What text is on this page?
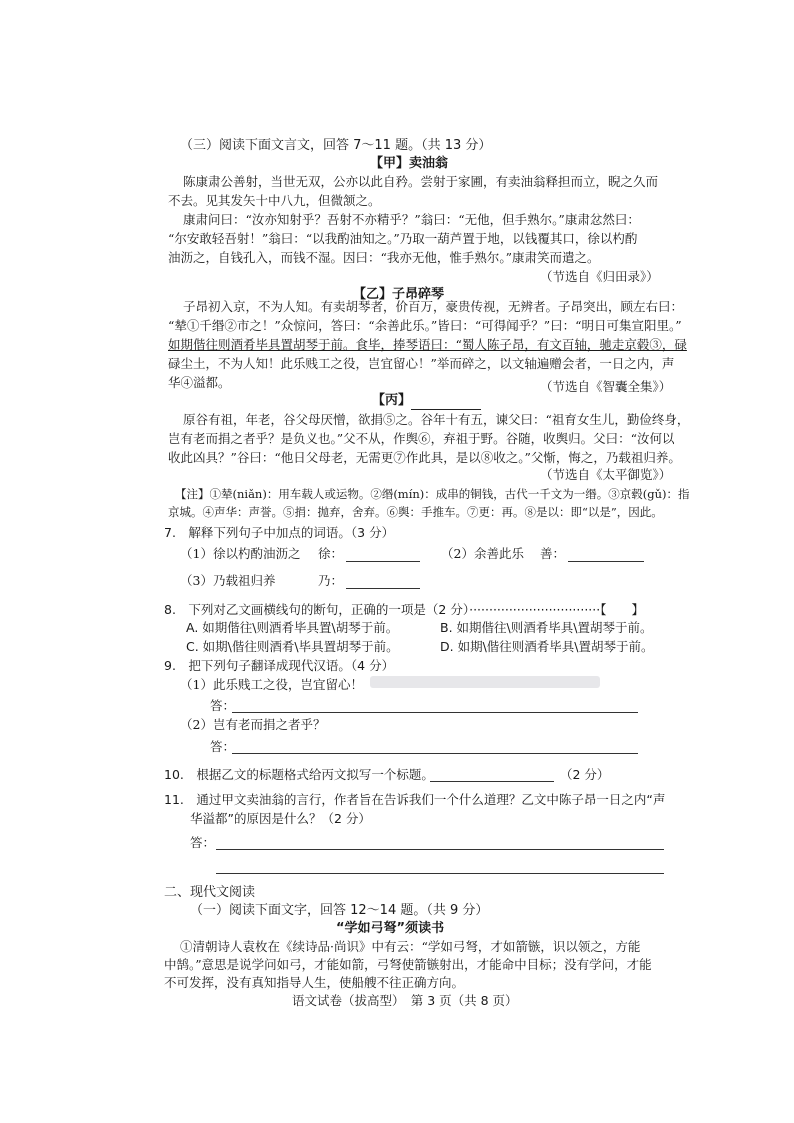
（三）阅读下面文言文，回答 7～11 题。（共 13 分）
【甲】卖油翁
陈康肃公善射，当世无双，公亦以此自矜。尝射于家圃，有卖油翁释担而立，睨之久而
不去。见其发矢十中八九，但微颔之。
康肃问曰：“汝亦知射乎？吾射不亦精乎？”翁曰：“无他，但手熟尔。”康肃忿然曰：
“尔安敢轻吾射！”翁曰：“以我酌油知之。”乃取一葫芦置于地，以钱覆其口，徐以杓酌
油沥之，自钱孔入，而钱不湿。因曰：“我亦无他，惟手熟尔。”康肃笑而遣之。
（节选自《归田录》）
【乙】子昂碎琴
子昂初入京，不为人知。有卖胡琴者，价百万，豪贵传视，无辨者。子昂突出，顾左右曰：
“辇①千缗②市之！”众惊问，答曰：“余善此乐。”皆曰：“可得闻乎？”曰：“明日可集宣阳里。”
如期偕往则酒肴毕具置胡琴于前。食毕，捧琴语曰：“蜀人陈子昂，有文百轴，驰走京毂③，碌
碌尘土，不为人知！此乐贱工之役，岂宜留心！”举而碎之，以文轴遍赠会者，一日之内，声
华④溢都。	（节选自《智囊全集》）
【丙】
原谷有祖，年老，谷父母厌憎，欲捐⑤之。谷年十有五，谏父曰：“祖育女生儿，勤俭终身，
岂有老而捐之者乎？是负义也。”父不从，作舆⑥，弃祖于野。谷随，收舆归。父曰：“汝何以
收此凶具？”谷曰：“他日父母老，无需更⑦作此具，是以⑧收之。”父惭，悔之，乃载祖归养。
（节选自《太平御览》）
【注】①辇(niǎn)：用车载人或运物。②缗(mín)：成串的铜钱，古代一千文为一缗。③京毂(gǔ)：指
京城。④声华：声誉。⑤捐：抛弃，舍弃。⑥舆：手推车。⑦更：再。⑧是以：即“以是”，因此。
7.　解释下列句子中加点的词语。（3 分）
（1）徐以杓酌油沥之 徐：	（2）余善此乐 善：
（3）乃载祖归养	乃：
8.　下列对乙文画横线句的断句，正确的一项是（2 分）·································【　　】
A. 如期偕往\则酒肴毕具置\胡琴于前。	B. 如期偕往\则酒肴毕具\置胡琴于前。
C. 如期\偕往则酒肴\毕具置胡琴于前。	D. 如期\偕往则酒肴毕具\置胡琴于前。
9.　把下列句子翻译成现代汉语。（4 分）
（1）此乐贱工之役，岂宜留心！
答：
（2）岂有老而捐之者乎？
答：
10.　根据乙文的标题格式给丙文拟写一个标题。	（2 分）
11.　通过甲文卖油翁的言行，作者旨在告诉我们一个什么道理？乙文中陈子昂一日之内“声
华溢都”的原因是什么？（2 分）
答：
二、现代文阅读
（一）阅读下面文字，回答 12～14 题。（共 9 分）
“学如弓弩”须读书
①清朝诗人袁枚在《续诗品·尚识》中有云：“学如弓弩，才如箭镞，识以领之，方能
中鹄。”意思是说学问如弓，才能如箭，弓弩使箭镞射出，才能命中目标；没有学问，才能
不可发挥，没有真知指导人生，使船艘不往正确方向。
语文试卷（拔高型）　第 3 页（共 8 页）
